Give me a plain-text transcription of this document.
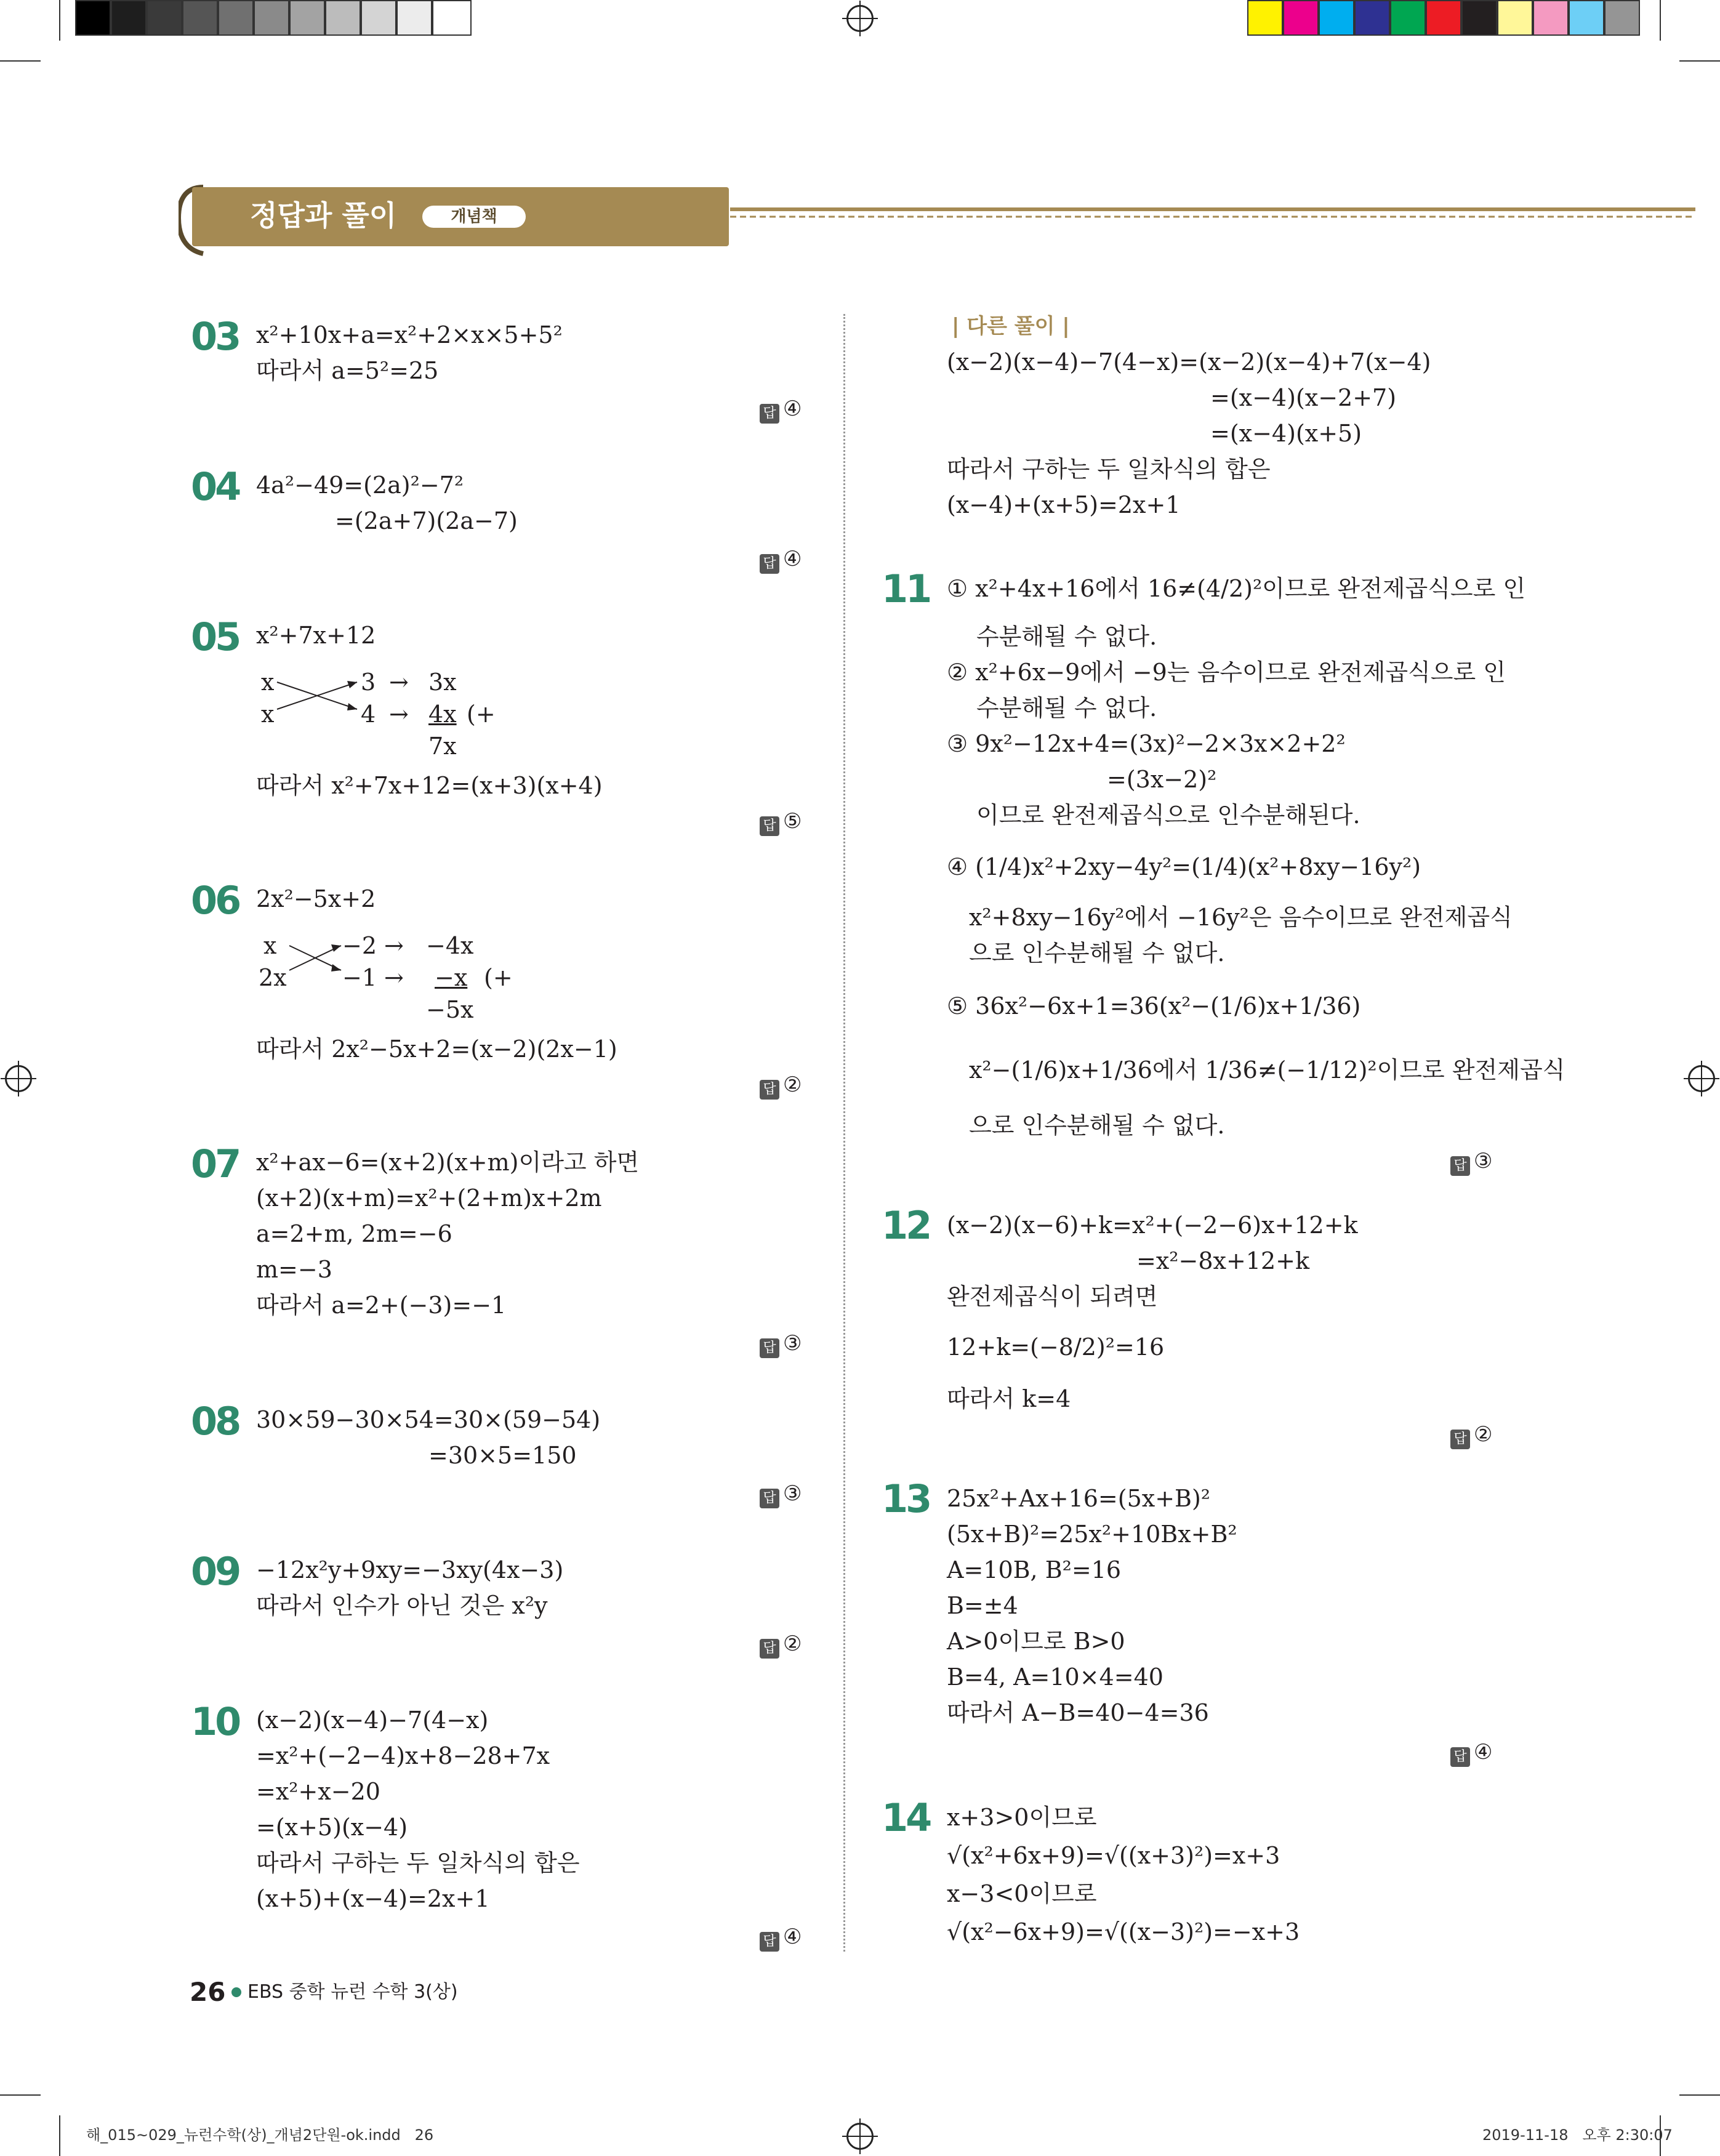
정답과 풀이	개념책
03 x²+10x+a=x²+2×x×5+5²
따라서 a=5²=25
답 ④
04 4a²−49=(2a)²−7²
=(2a+7)(2a−7)
답 ④
05 x²+7x+12
x	3 → 3x
x	4 → 4x (+
7x
따라서 x²+7x+12=(x+3)(x+4)
답 ⑤
06 2x²−5x+2
x	−2 → −4x
2x −1 → −x (+
−5x
따라서 2x²−5x+2=(x−2)(2x−1)
답 ②
07 x²+ax−6=(x+2)(x+m)이라고 하면
(x+2)(x+m)=x²+(2+m)x+2m
a=2+m, 2m=−6
m=−3
따라서 a=2+(−3)=−1
답 ③
08 30×59−30×54=30×(59−54)
=30×5=150
답 ③
09 −12x²y+9xy=−3xy(4x−3)
따라서 인수가 아닌 것은 x²y
답 ②
10 (x−2)(x−4)−7(4−x)
=x²+(−2−4)x+8−28+7x
=x²+x−20
=(x+5)(x−4)
따라서 구하는 두 일차식의 합은
(x+5)+(x−4)=2x+1
답 ④
| 다른 풀이 |
(x−2)(x−4)−7(4−x)=(x−2)(x−4)+7(x−4)
=(x−4)(x−2+7)
=(x−4)(x+5)
따라서 구하는 두 일차식의 합은
(x−4)+(x+5)=2x+1
11 ① x²+4x+16에서 16≠(4/2)²이므로 완전제곱식으로 인
수분해될 수 없다.
② x²+6x−9에서 −9는 음수이므로 완전제곱식으로 인
수분해될 수 없다.
③ 9x²−12x+4=(3x)²−2×3x×2+2²
=(3x−2)²
이므로 완전제곱식으로 인수분해된다.
④ (1/4)x²+2xy−4y²=(1/4)(x²+8xy−16y²)
x²+8xy−16y²에서 −16y²은 음수이므로 완전제곱식
으로 인수분해될 수 없다.
⑤ 36x²−6x+1=36(x²−(1/6)x+1/36)
x²−(1/6)x+1/36에서 1/36≠(−1/12)²이므로 완전제곱식
으로 인수분해될 수 없다.
답 ③
12 (x−2)(x−6)+k=x²+(−2−6)x+12+k
=x²−8x+12+k
완전제곱식이 되려면
12+k=(−8/2)²=16
따라서 k=4
답 ②
13 25x²+Ax+16=(5x+B)²
(5x+B)²=25x²+10Bx+B²
A=10B, B²=16
B=±4
A>0이므로 B>0
B=4, A=10×4=40
따라서 A−B=40−4=36
답 ④
14 x+3>0이므로
√(x²+6x+9)=√((x+3)²)=x+3
x−3<0이므로
√(x²−6x+9)=√((x−3)²)=−x+3
26 EBS 중학 뉴런 수학 3(상)
해_015~029_뉴런수학(상)_개념2단원-ok.indd   26	2019-11-18   오후 2:30:07
